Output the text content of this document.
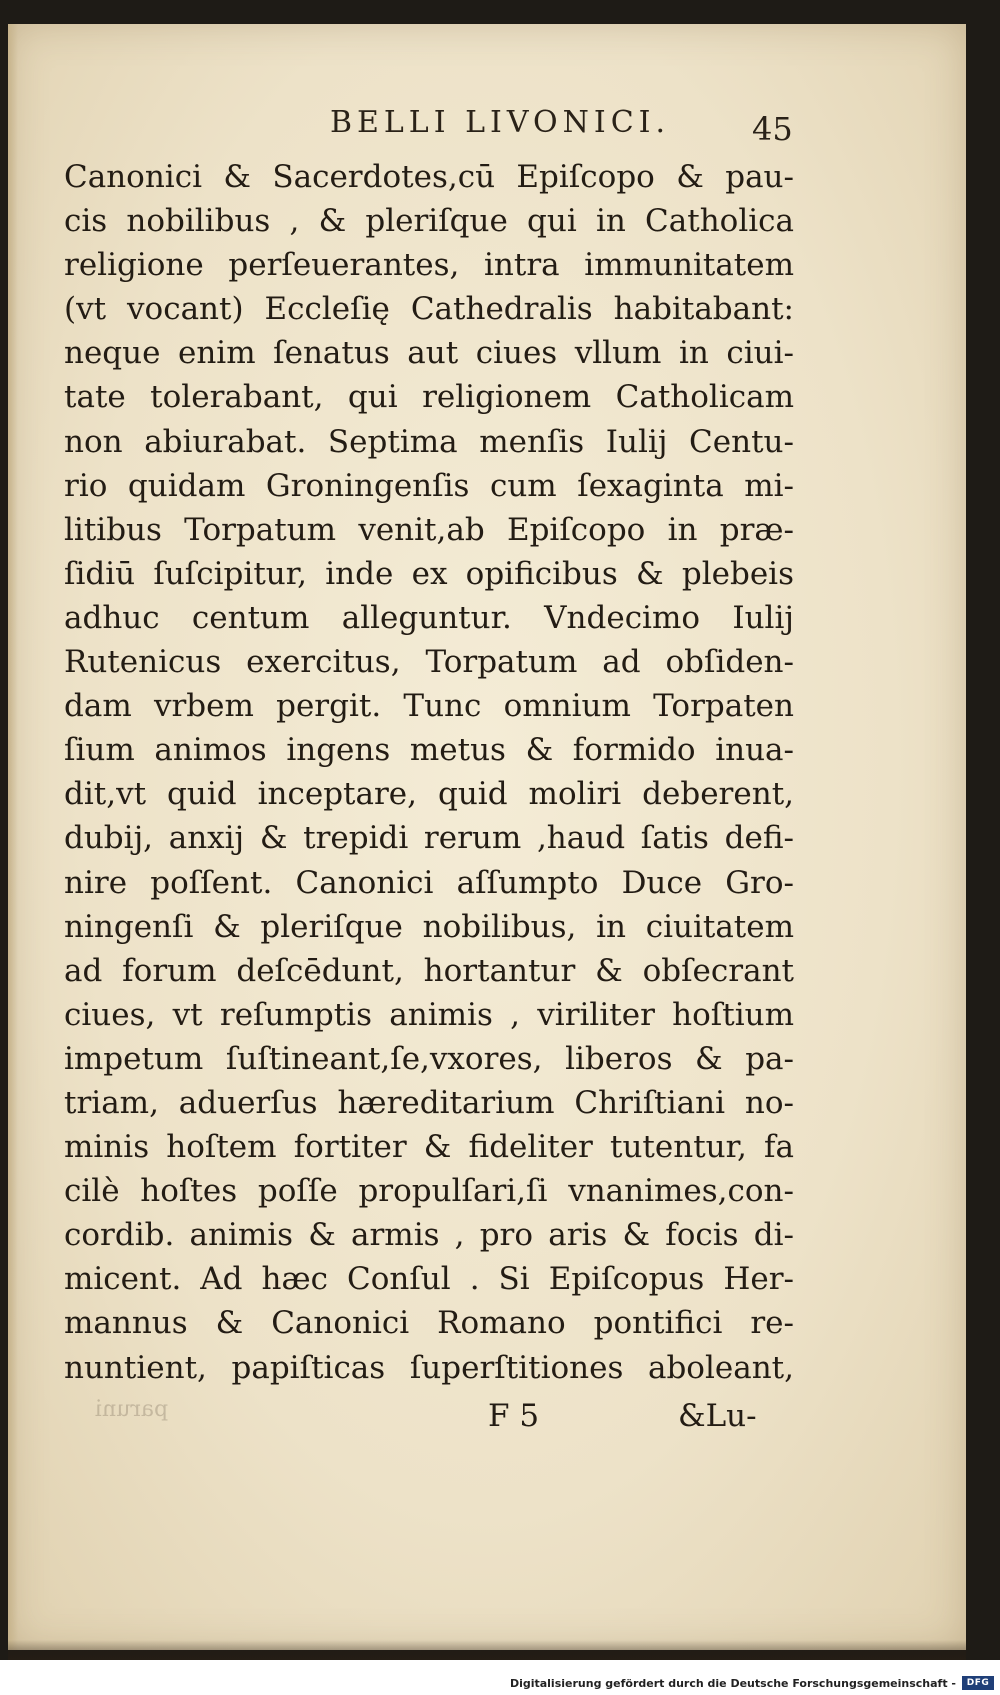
BELLI LIVONICI.	45
Canonici & Sacerdotes,cū Epiſcopo & pau-
cis nobilibus , & pleriſque qui in Catholica
religione perſeuerantes, intra immunitatem
(vt vocant) Eccleſię Cathedralis habitabant:
neque enim ſenatus aut ciues vllum in ciui-
tate tolerabant, qui religionem Catholicam
non abiurabat. Septima menſis Iulij Centu-
rio quidam Groningenſis cum ſexaginta mi-
litibus Torpatum venit,ab Epiſcopo in præ-
ſidiū ſuſcipitur, inde ex opificibus & plebeis
adhuc centum alleguntur. Vndecimo Iulij
Rutenicus exercitus, Torpatum ad obſiden-
dam vrbem pergit. Tunc omnium Torpaten
ſium animos ingens metus & formido inua-
dit,vt quid inceptare, quid moliri deberent,
dubij, anxij & trepidi rerum ,haud ſatis defi-
nire poſſent. Canonici aſſumpto Duce Gro-
ningenſi & pleriſque nobilibus, in ciuitatem
ad forum deſcēdunt, hortantur & obſecrant
ciues, vt reſumptis animis , viriliter hoſtium
impetum ſuſtineant,ſe,vxores, liberos & pa-
triam, aduerſus hæreditarium Chriſtiani no-
minis hoſtem fortiter & fideliter tutentur, fa
cilè hoſtes poſſe propulſari,ſi vnanimes,con-
cordib. animis & armis , pro aris & focis di-
micent. Ad hæc Conſul . Si Epiſcopus Her-
mannus & Canonici Romano pontifici re-
nuntient, papiſticas ſuperſtitiones aboleant,
paruni	F 5	&Lu-
Digitalisierung gefördert durch die Deutsche Forschungsgemeinschaft -	DFG
